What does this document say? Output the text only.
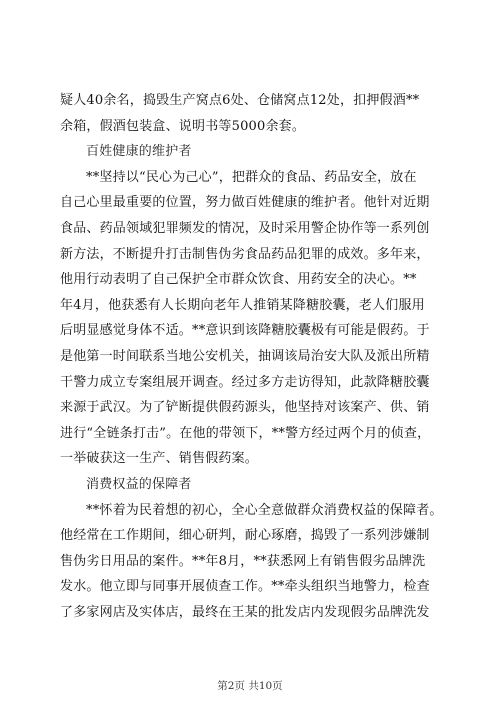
疑人40余名，捣毁生产窝点6处、仓储窝点12处，扣押假酒**
余箱，假酒包装盒、说明书等5000余套。
百姓健康的维护者
**坚持以“民心为己心”，把群众的食品、药品安全，放在
自己心里最重要的位置，努力做百姓健康的维护者。他针对近期
食品、药品领域犯罪频发的情况，及时采用警企协作等一系列创
新方法，不断提升打击制售伪劣食品药品犯罪的成效。多年来，
他用行动表明了自己保护全市群众饮食、用药安全的决心。**
年4月，他获悉有人长期向老年人推销某降糖胶囊，老人们服用
后明显感觉身体不适。**意识到该降糖胶囊极有可能是假药。于
是他第一时间联系当地公安机关，抽调该局治安大队及派出所精
干警力成立专案组展开调查。经过多方走访得知，此款降糖胶囊
来源于武汉。为了铲断提供假药源头，他坚持对该案产、供、销
进行“全链条打击”。在他的带领下，**警方经过两个月的侦查，
一举破获这一生产、销售假药案。
消费权益的保障者
**怀着为民着想的初心，全心全意做群众消费权益的保障者。
他经常在工作期间，细心研判，耐心琢磨，捣毁了一系列涉嫌制
售伪劣日用品的案件。**年8月，**获悉网上有销售假劣品牌洗
发水。他立即与同事开展侦查工作。**牵头组织当地警力，检查
了多家网店及实体店，最终在王某的批发店内发现假劣品牌洗发
第2页 共10页
